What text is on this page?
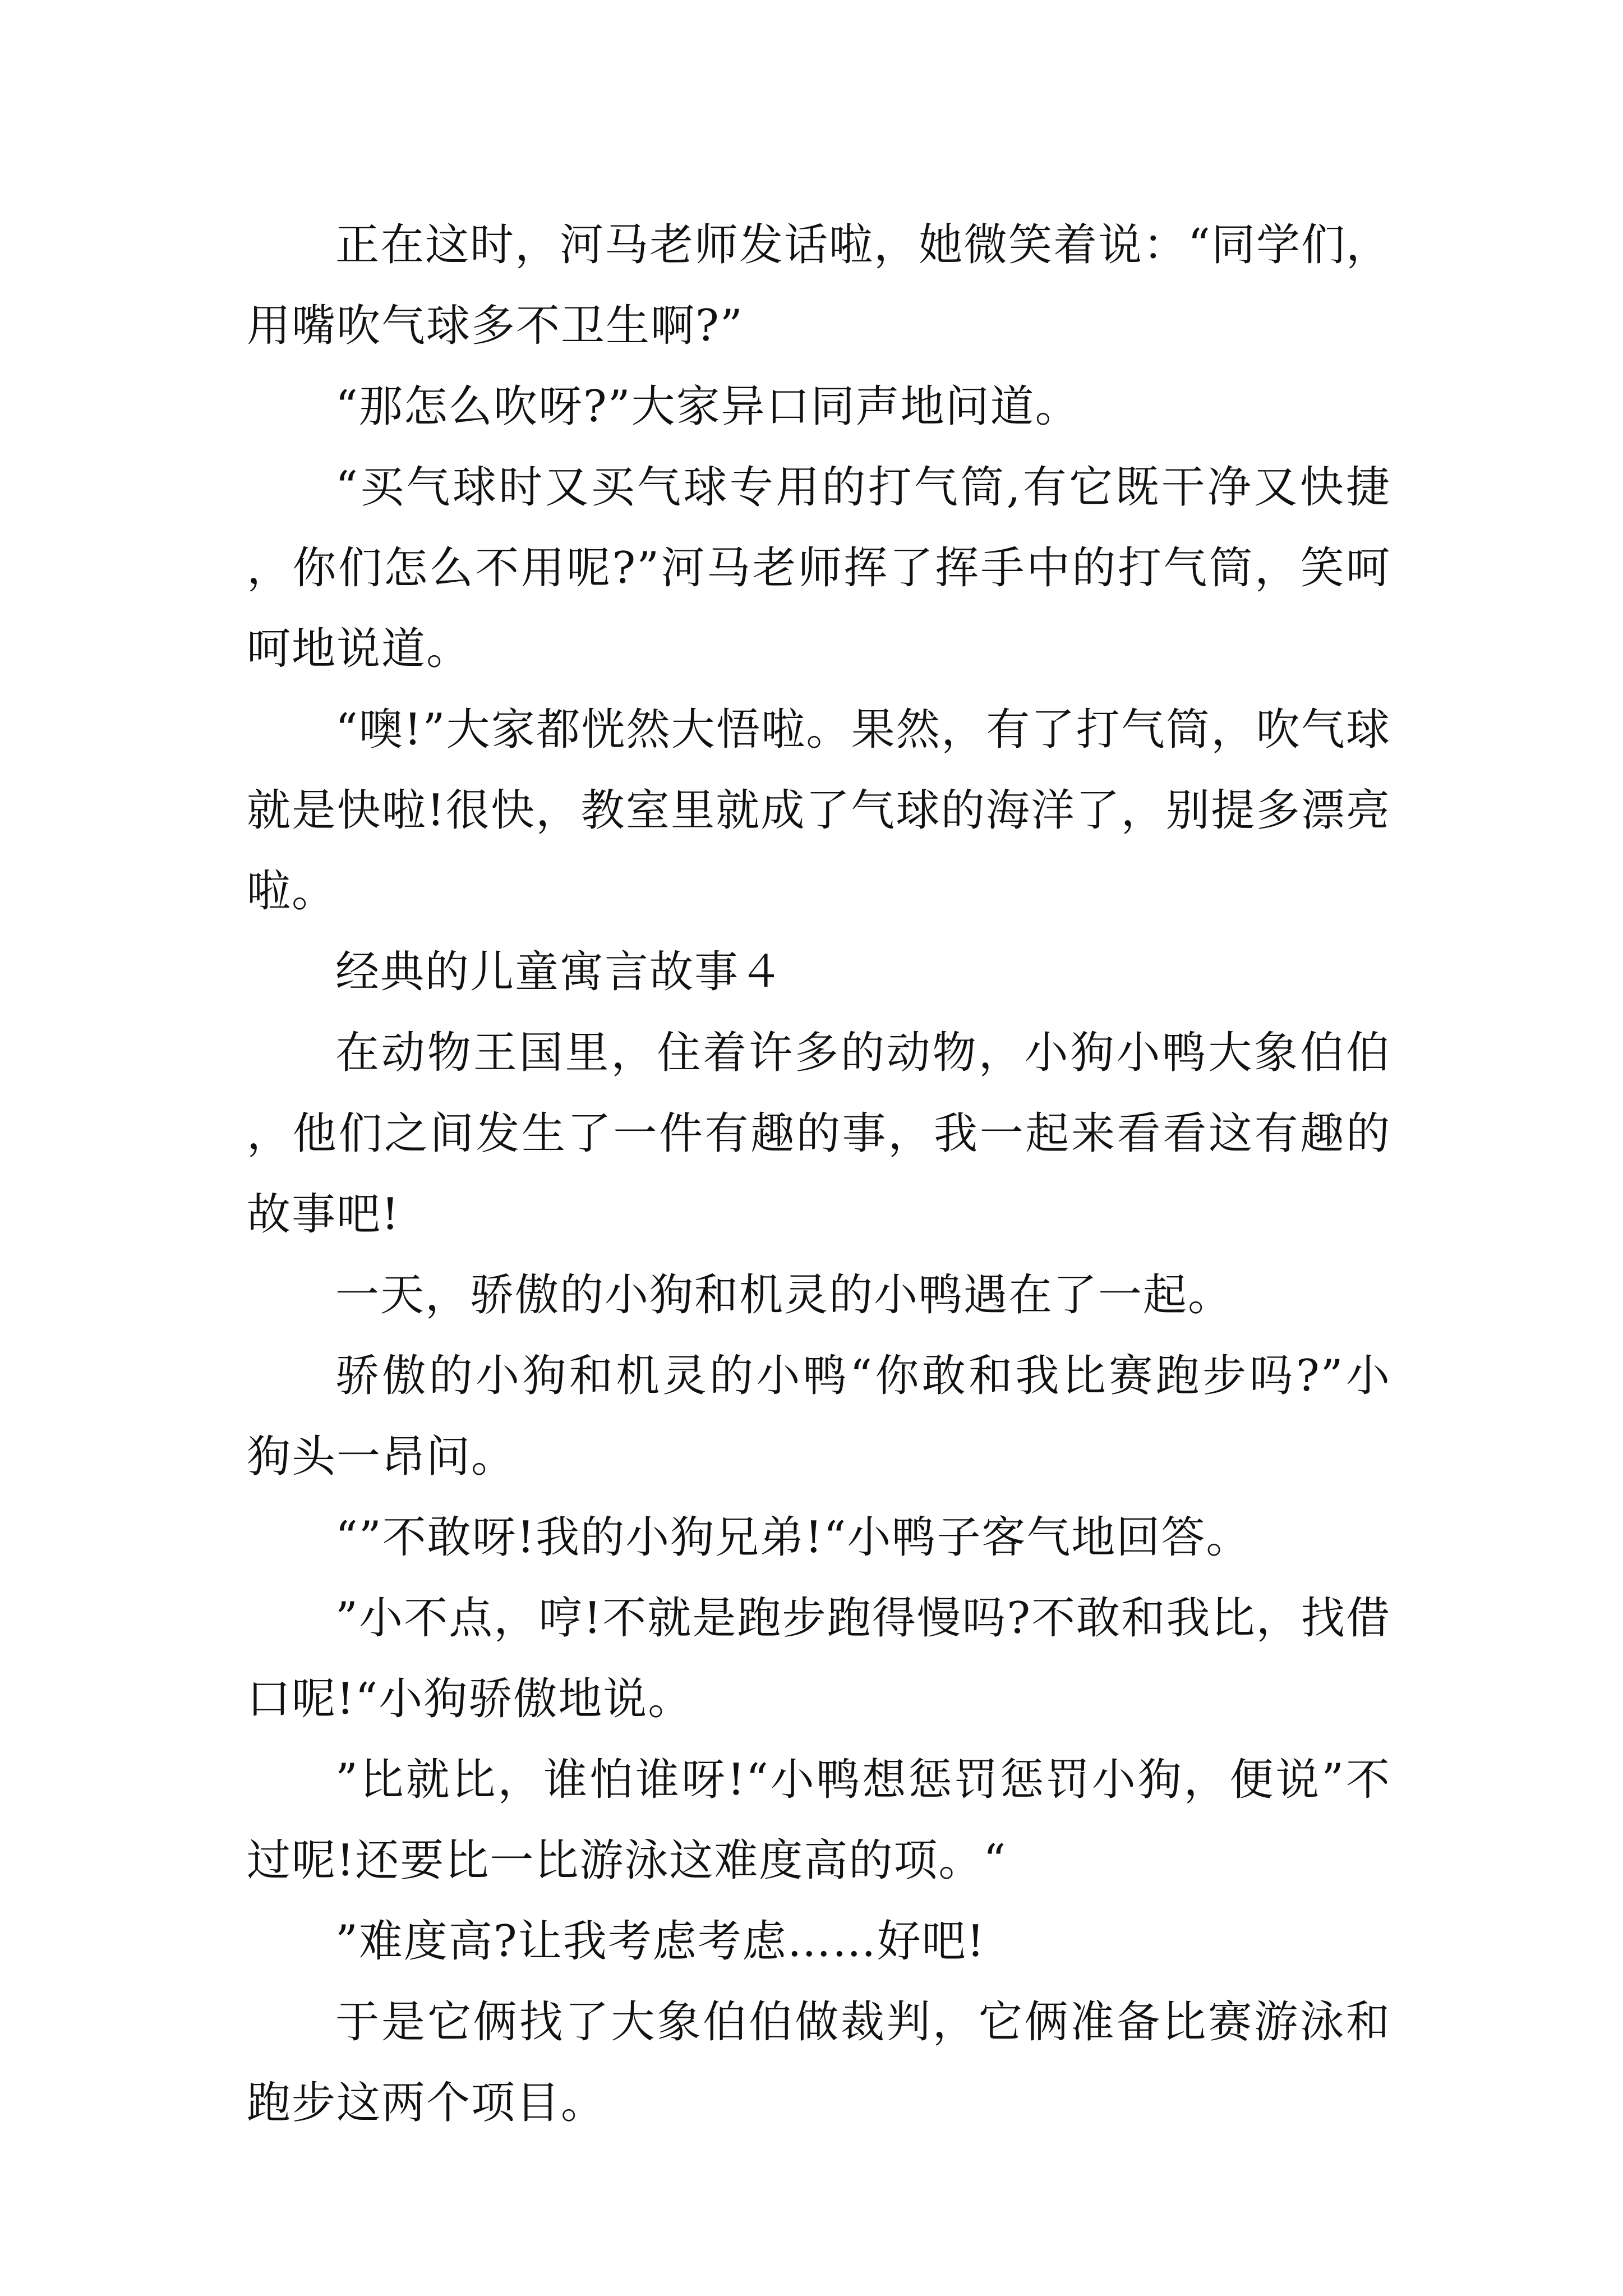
正在这时，河马老师发话啦，她微笑着说：“同学们，用嘴吹气球多不卫生啊?”

“那怎么吹呀?”大家异口同声地问道。

“买气球时又买气球专用的打气筒,有它既干净又快捷，你们怎么不用呢?”河马老师挥了挥手中的打气筒，笑呵呵地说道。

“噢!”大家都恍然大悟啦。果然，有了打气筒，吹气球就是快啦!很快，教室里就成了气球的海洋了，别提多漂亮啦。

经典的儿童寓言故事４

在动物王国里，住着许多的动物，小狗小鸭大象伯伯，他们之间发生了一件有趣的事，我一起来看看这有趣的故事吧!

一天，骄傲的小狗和机灵的小鸭遇在了一起。

骄傲的小狗和机灵的小鸭“你敢和我比赛跑步吗?”小狗头一昂问。

“”不敢呀!我的小狗兄弟!“小鸭子客气地回答。

”小不点，哼!不就是跑步跑得慢吗?不敢和我比，找借口呢!“小狗骄傲地说。

”比就比，谁怕谁呀!“小鸭想惩罚惩罚小狗，便说”不过呢!还要比一比游泳这难度高的项。“

”难度高?让我考虑考虑……好吧!

于是它俩找了大象伯伯做裁判，它俩准备比赛游泳和跑步这两个项目。
